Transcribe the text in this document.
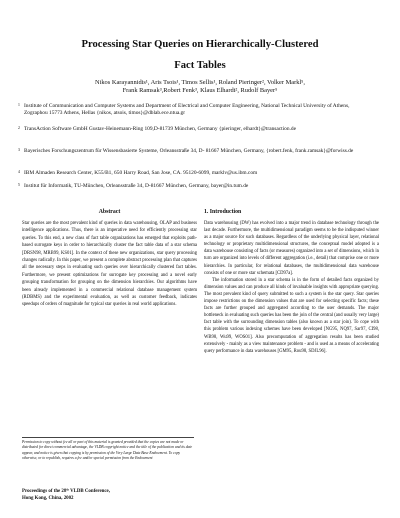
Processing Star Queries on Hierarchically-Clustered
Fact Tables
Nikos Karayannidis¹, Aris Tsois¹, Timos Sellis¹, Roland Pieringer², Volker Markl⁵,
Frank Ramsak³,Robert Fenk³, Klaus Elhardt², Rudolf Bayer⁵
1 Institute of Communication and Computer Systems and Department of Electrical and Computer Engineering, National Technical University of Athens, Zographou 15773 Athens, Hellas {nikos, atsois, timos}@dblab.ece.ntua.gr
2 TransAction Software GmbH Gustav-Heinemann-Ring 109,D-81739 München, Germany {pieringer, elhardt}@transaction.de
3 Bayerisches Forschungszentrum für Wissensbasierte Systeme, Orleansstraße 34, D- 81667 München, Germany, {robert.fenk, frank.ramsak}@forwiss.de
4 IBM Almaden Research Center, K55/B1, 650 Harry Road, San Jose, CA. 95120-6099, marklv@us.ibm.com
5 Institut für Informatik, TU-München, Orleansstraße 34, D-81667 München, Germany, bayer@in.tum.de
Abstract
Star queries are the most prevalent kind of queries in data warehousing, OLAP and business intelligence applications. Thus, there is an imperative need for efficiently processing star queries. To this end, a new class of fact table organizations has emerged that exploits path-based surrogate keys in order to hierarchically cluster the fact table data of a star schema [DRSN98, MRB99, KS01]. In the context of these new organizations, star query processing changes radically. In this paper, we present a complete abstract processing plan that captures all the necessary steps in evaluating such queries over hierarchically clustered fact tables. Furthermore, we present optimizations for surrogate key processing and a novel early grouping transformation for grouping on the dimension hierarchies. Our algorithms have been already implemented in a commercial relational database management system (RDBMS) and the experimental evaluation, as well as customer feedback, indicates speedups of orders of magnitude for typical star queries in real world applications.
1. Introduction

Data warehousing (DW) has evolved into a major trend in database technology through the last decade. Furthermore, the multidimensional paradigm seems to be the indisputed winner as a major source for such databases. Regardless of the underlying physical layer, relational technology or proprietary multidimensional structures, the conceptual model adopted is a data warehouse consisting of facts (or measures) organized into a set of dimensions, which in turn are organized into levels of different aggregation (i.e., detail) that comprise one or more hierarchies. In particular, for relational databases, the multidimensional data warehouse consists of one or more star schemata [CD97a].

The information stored in a star schema is in the form of detailed facts organized by dimension values and can produce all kinds of invaluable insights with appropriate querying. The most prevalent kind of query submitted to such a system is the star query. Star queries impose restrictions on the dimension values that are used for selecting specific facts; these facts are further grouped and aggregated according to the user demands. The major bottleneck in evaluating such queries has been the join of the central (and usually very large) fact table with the surrounding dimension tables (also known as a star join). To cope with this problem various indexing schemes have been developed [NG95, NQ97, Sar97, CI98, WB98, Wu99, WOS01]. Also precomputation of aggregation results has been studied extensively - mainly as a view maintenance problem - and is used as a means of accelerating query performance in data warehouses [GM95, Rou98, SDJL96].

Permission to copy without fee all or part of this material is granted provided that the copies are not made or distributed for direct commercial advantage, the VLDB copyright notice and the title of the publication and its date appear, and notice is given that copying is by permission of the Very Large Data Base Endowment. To copy otherwise, or to republish, requires a fee and/or special permission from the Endowment
Proceedings of the 28ᵗʰ VLDB Conference,
Hong Kong, China, 2002
